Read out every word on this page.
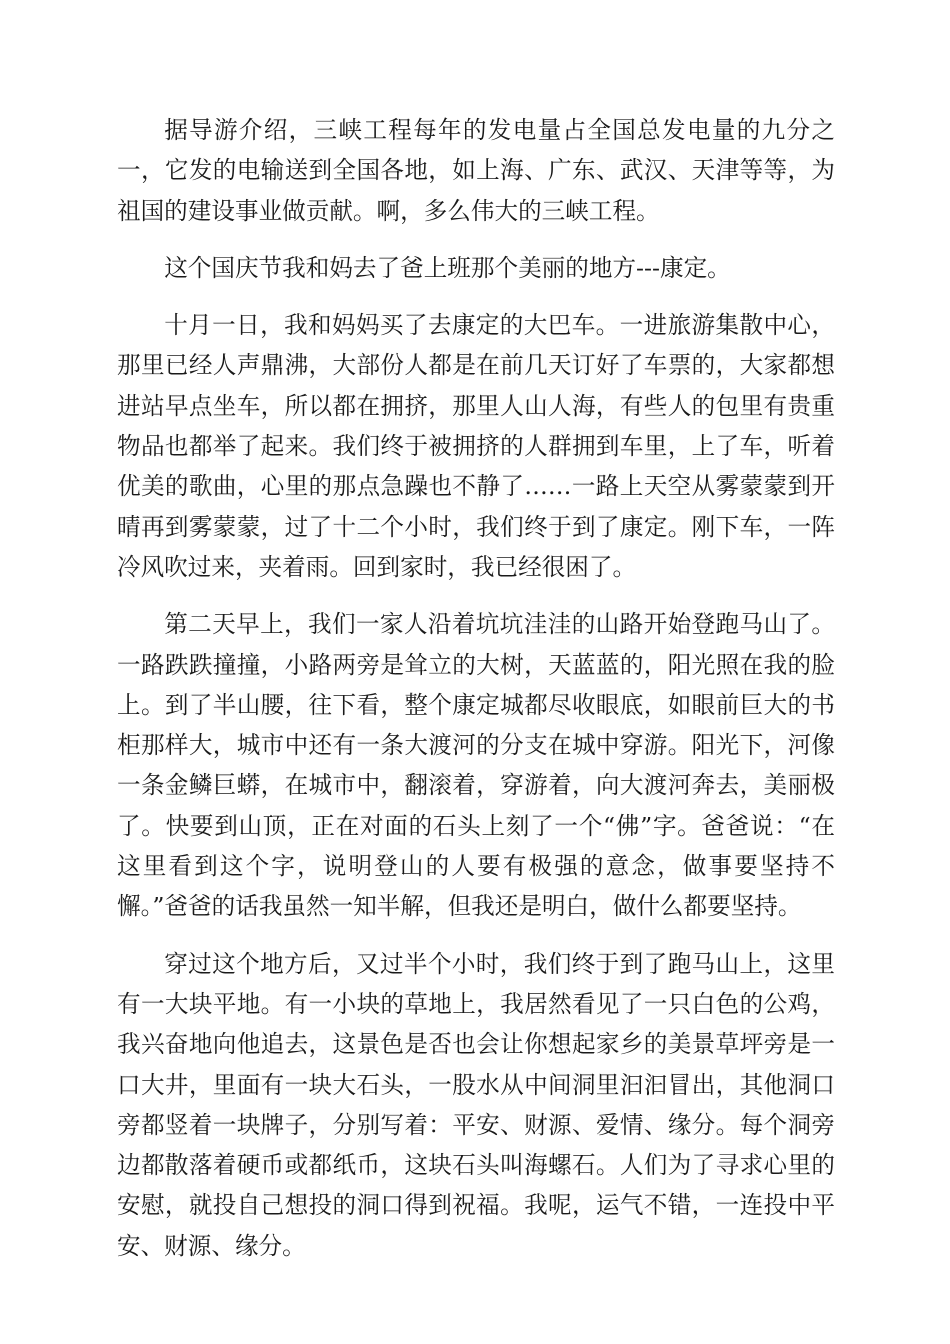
据导游介绍，三峡工程每年的发电量占全国总发电量的九分之一，它发的电输送到全国各地，如上海、广东、武汉、天津等等，为祖国的建设事业做贡献。啊，多么伟大的三峡工程。

这个国庆节我和妈去了爸上班那个美丽的地方---康定。

十月一日，我和妈妈买了去康定的大巴车。一进旅游集散中心，那里已经人声鼎沸，大部份人都是在前几天订好了车票的，大家都想进站早点坐车，所以都在拥挤，那里人山人海，有些人的包里有贵重物品也都举了起来。我们终于被拥挤的人群拥到车里，上了车，听着优美的歌曲，心里的那点急躁也不静了……一路上天空从雾蒙蒙到开晴再到雾蒙蒙，过了十二个小时，我们终于到了康定。刚下车，一阵冷风吹过来，夹着雨。回到家时，我已经很困了。

第二天早上，我们一家人沿着坑坑洼洼的山路开始登跑马山了。一路跌跌撞撞，小路两旁是耸立的大树，天蓝蓝的，阳光照在我的脸上。到了半山腰，往下看，整个康定城都尽收眼底，如眼前巨大的书柜那样大，城市中还有一条大渡河的分支在城中穿游。阳光下，河像一条金鳞巨蟒，在城市中，翻滚着，穿游着，向大渡河奔去，美丽极了。快要到山顶，正在对面的石头上刻了一个“佛”字。爸爸说：“在这里看到这个字，说明登山的人要有极强的意念，做事要坚持不懈。”爸爸的话我虽然一知半解，但我还是明白，做什么都要坚持。

穿过这个地方后，又过半个小时，我们终于到了跑马山上，这里有一大块平地。有一小块的草地上，我居然看见了一只白色的公鸡，我兴奋地向他追去，这景色是否也会让你想起家乡的美景草坪旁是一口大井，里面有一块大石头，一股水从中间洞里汩汩冒出，其他洞口旁都竖着一块牌子，分别写着：平安、财源、爱情、缘分。每个洞旁边都散落着硬币或都纸币，这块石头叫海螺石。人们为了寻求心里的安慰，就投自己想投的洞口得到祝福。我呢，运气不错，一连投中平安、财源、缘分。
